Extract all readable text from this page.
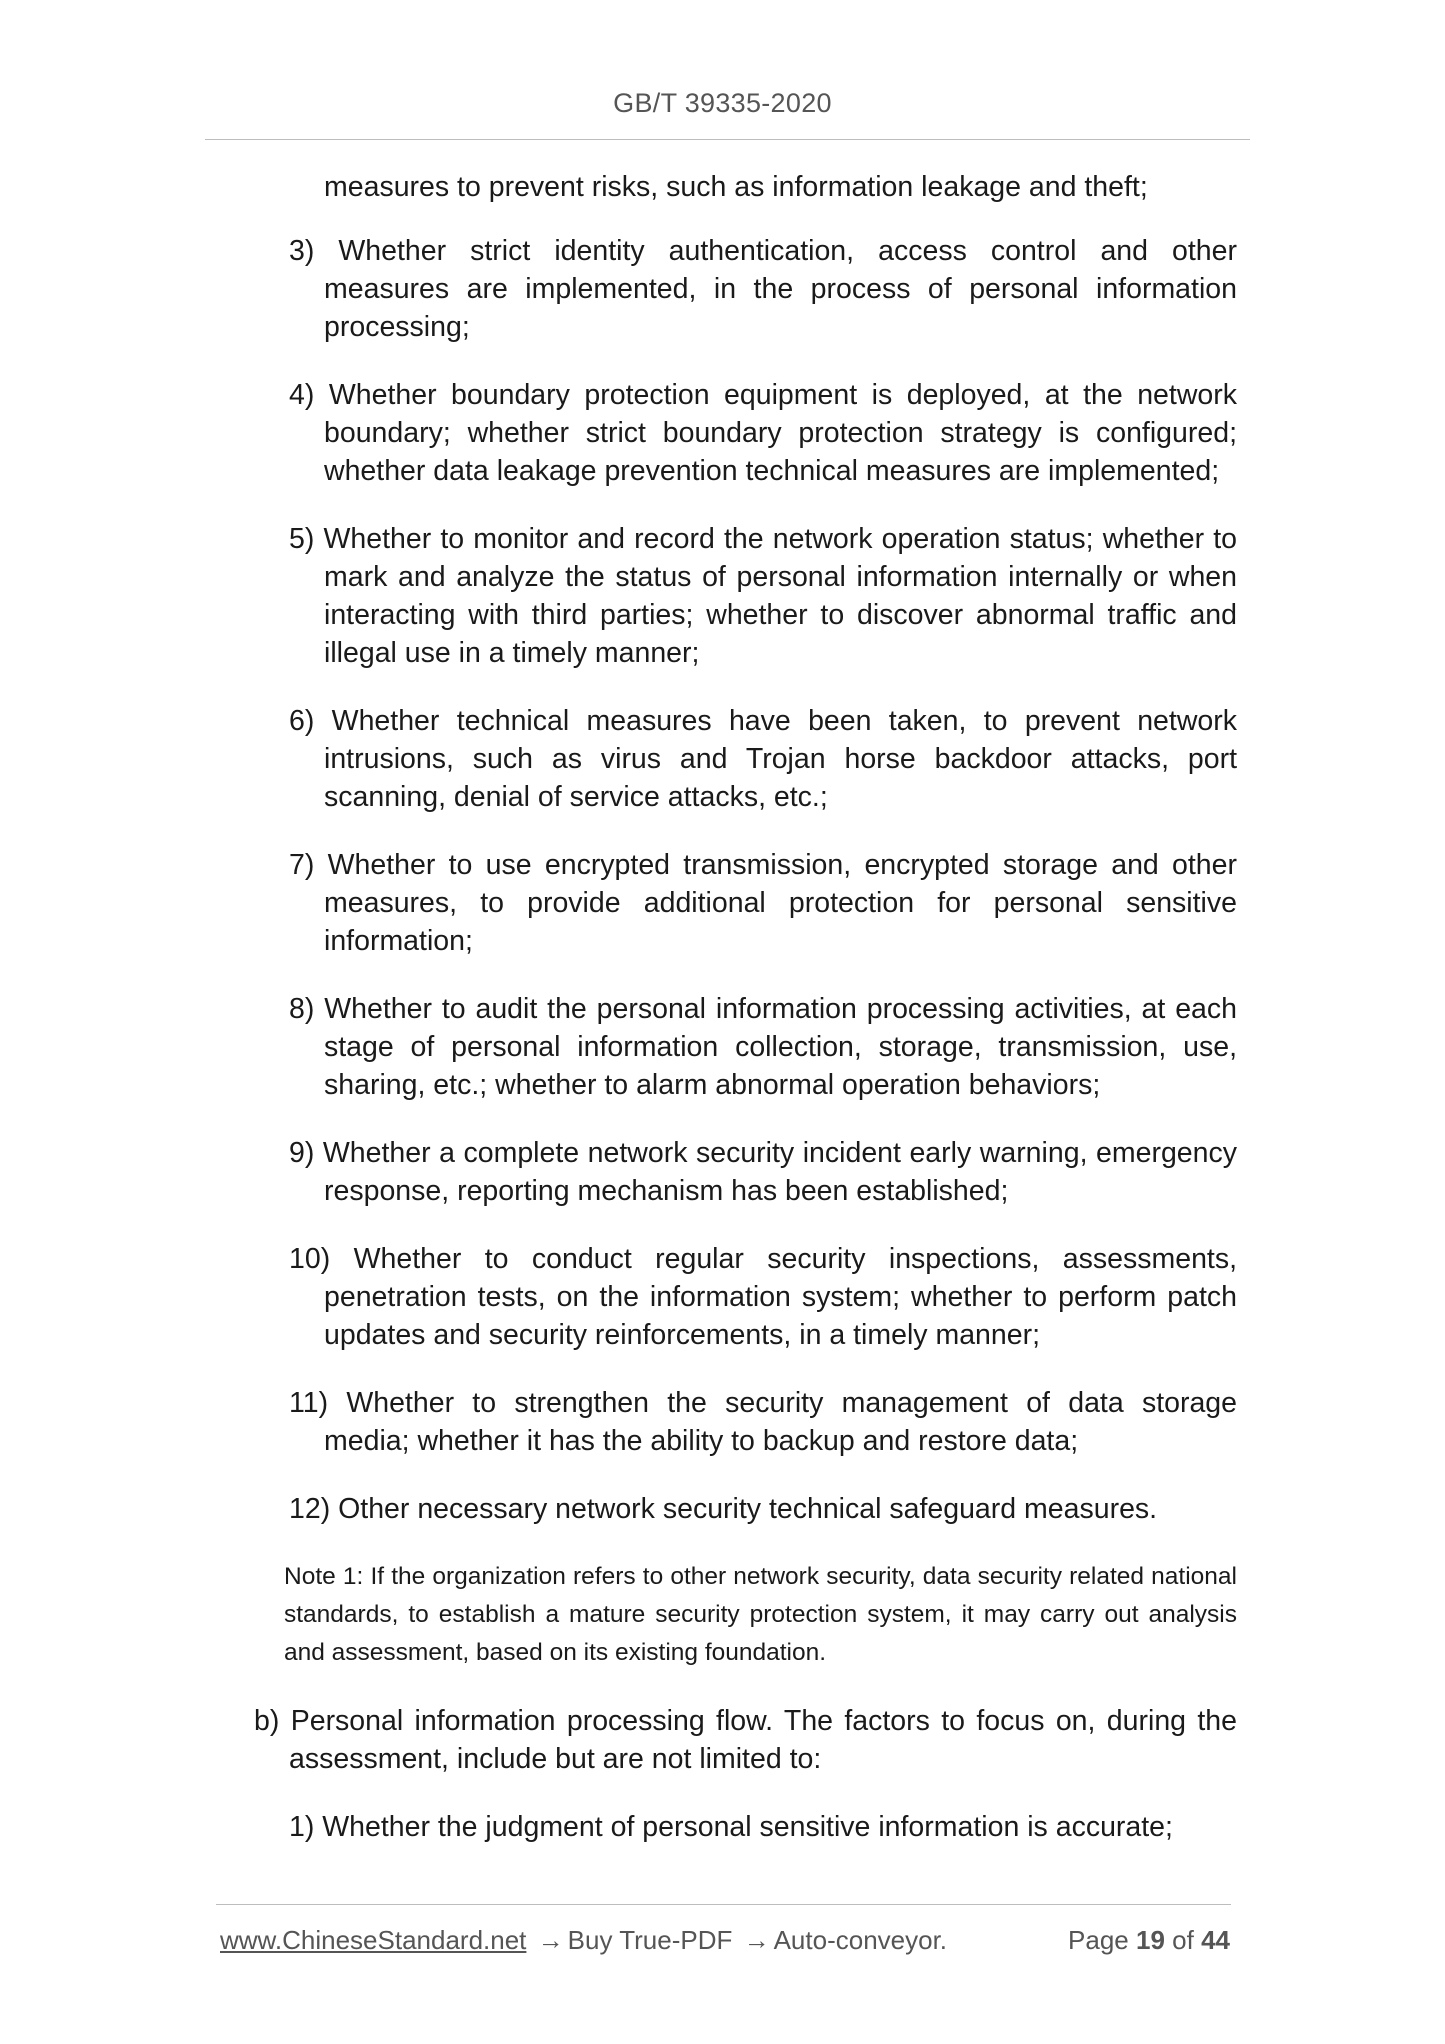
GB/T 39335-2020

measures to prevent risks, such as information leakage and theft;

3) Whether strict identity authentication, access control and other measures are implemented, in the process of personal information processing;

4) Whether boundary protection equipment is deployed, at the network boundary; whether strict boundary protection strategy is configured; whether data leakage prevention technical measures are implemented;

5) Whether to monitor and record the network operation status; whether to mark and analyze the status of personal information internally or when interacting with third parties; whether to discover abnormal traffic and illegal use in a timely manner;

6) Whether technical measures have been taken, to prevent network intrusions, such as virus and Trojan horse backdoor attacks, port scanning, denial of service attacks, etc.;

7) Whether to use encrypted transmission, encrypted storage and other measures, to provide additional protection for personal sensitive information;

8) Whether to audit the personal information processing activities, at each stage of personal information collection, storage, transmission, use, sharing, etc.; whether to alarm abnormal operation behaviors;

9) Whether a complete network security incident early warning, emergency response, reporting mechanism has been established;

10) Whether to conduct regular security inspections, assessments, penetration tests, on the information system; whether to perform patch updates and security reinforcements, in a timely manner;

11) Whether to strengthen the security management of data storage media; whether it has the ability to backup and restore data;

12) Other necessary network security technical safeguard measures.

Note 1: If the organization refers to other network security, data security related national standards, to establish a mature security protection system, it may carry out analysis and assessment, based on its existing foundation.

b) Personal information processing flow. The factors to focus on, during the assessment, include but are not limited to:

1) Whether the judgment of personal sensitive information is accurate;

www.ChineseStandard.net → Buy True-PDF → Auto-conveyor.	Page 19 of 44
